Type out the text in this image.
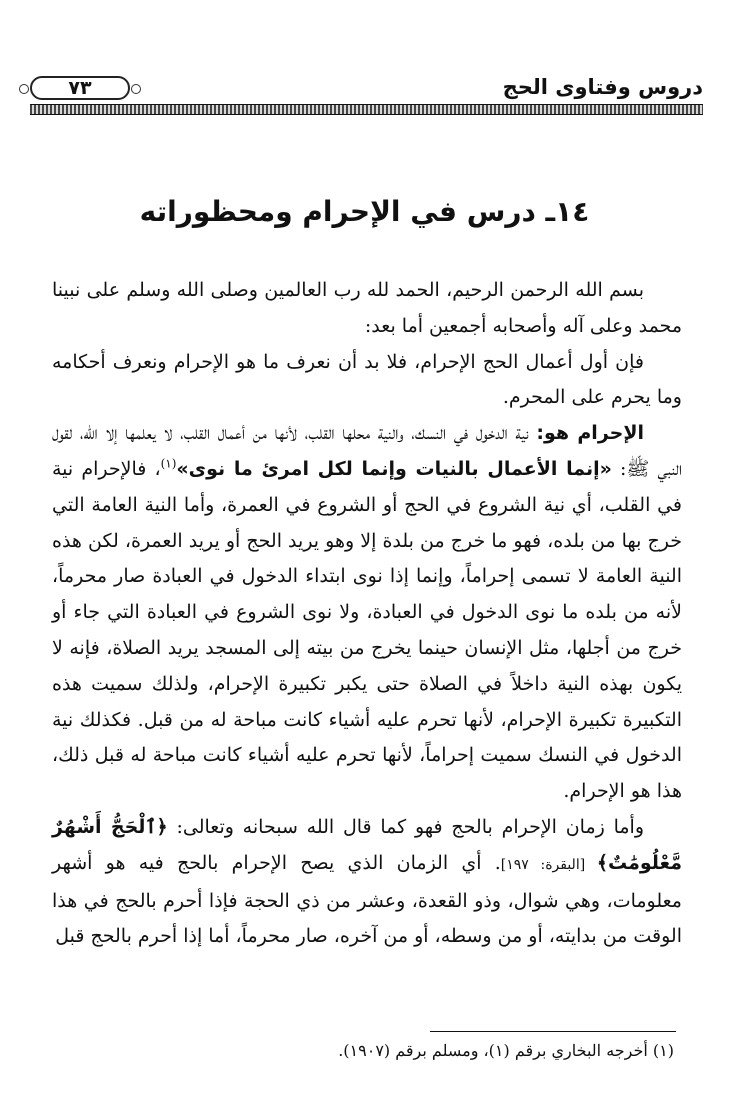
دروس وفتاوى الحج
٧٣
١٤ـ درس في الإحرام ومحظوراته

بسم الله الرحمن الرحيم، الحمد لله رب العالمين وصلى الله وسلم على نبينا محمد وعلى آله وأصحابه أجمعين أما بعد:

فإن أول أعمال الحج الإحرام، فلا بد أن نعرف ما هو الإحرام ونعرف أحكامه وما يحرم على المحرم.

الإحرام هو: نية الدخول في النسك، والنية محلها القلب، لأنها من أعمال القلب، لا يعلمها إلا الله، لقول النبي ﷺ: «إنما الأعمال بالنيات وإنما لكل امرئ ما نوى»$^{(١)}$، فالإحرام نية في القلب، أي نية الشروع في الحج أو الشروع في العمرة، وأما النية العامة التي خرج بها من بلده، فهو ما خرج من بلدة إلا وهو يريد الحج أو يريد العمرة، لكن هذه النية العامة لا تسمى إحراماً، وإنما إذا نوى ابتداء الدخول في العبادة صار محرماً، لأنه من بلده ما نوى الدخول في العبادة، ولا نوى الشروع في العبادة التي جاء أو خرج من أجلها، مثل الإنسان حينما يخرج من بيته إلى المسجد يريد الصلاة، فإنه لا يكون بهذه النية داخلاً في الصلاة حتى يكبر تكبيرة الإحرام، ولذلك سميت هذه التكبيرة تكبيرة الإحرام، لأنها تحرم عليه أشياء كانت مباحة له من قبل. فكذلك نية الدخول في النسك سميت إحراماً، لأنها تحرم عليه أشياء كانت مباحة له قبل ذلك، هذا هو الإحرام.

وأما زمان الإحرام بالحج فهو كما قال الله سبحانه وتعالى: ﴿ٱلْحَجُّ أَشْهُرٌ مَّعْلُومَٰتٌ﴾ [البقرة: ١٩٧]. أي الزمان الذي يصح الإحرام بالحج فيه هو أشهر معلومات، وهي شوال، وذو القعدة، وعشر من ذي الحجة فإذا أحرم بالحج في هذا الوقت من بدايته، أو من وسطه، أو من آخره، صار محرماً، أما إذا أحرم بالحج قبل

(١) أخرجه البخاري برقم (١)، ومسلم برقم (١٩٠٧).
